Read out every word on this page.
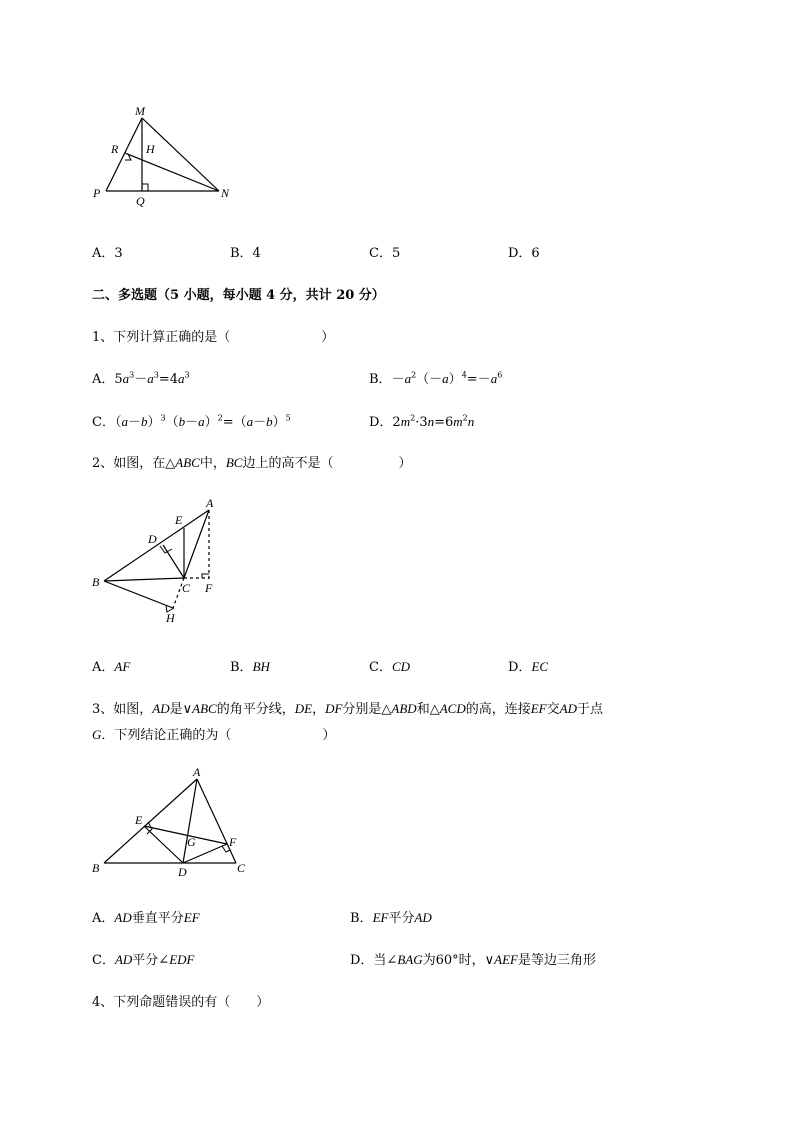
M
R H
P
Q
N
A．3	B．4	C．5	D．6
二、多选题（5 小题，每小题 4 分，共计 20 分）
1、下列计算正确的是（　　　　　　　）
A．$5a^3-a^3=4a^3$	B．$-a^2(-a)^4=-a^6$
C．$(a-b)^3(b-a)^2=(a-b)^5$	D．$2m^2\cdot 3n=6m^2n$
2、如图，在△ABC中，BC边上的高不是（　　　　　）
A
E
D
B	C F
H
A．AF	B．BH	C．CD	D．EC
3、如图，AD是∨ABC的角平分线，DE，DF分别是△ABD和△ACD的高，连接EF交AD于点
G．下列结论正确的为（　　　　　　　）
A
E
G	F
B	D	C
A．AD垂直平分EF	B．EF平分AD
C．AD平分∠EDF	D．当∠BAG为60°时，∨AEF是等边三角形
4、下列命题错误的有（　　）
